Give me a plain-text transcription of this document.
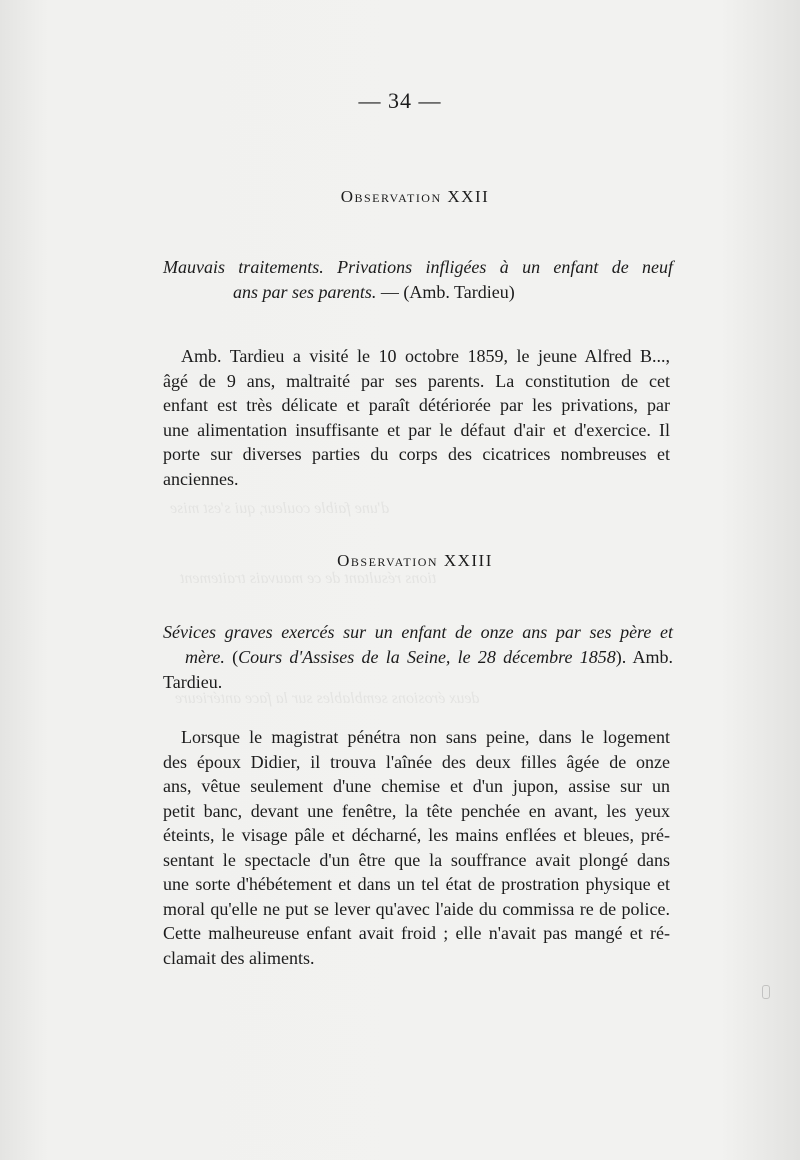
d'une faible couleur, qui s'est mise
tions résultant de ce mauvais traitement
deux érosions semblables sur la face antérieure
— 34 —
Observation XXII
Mauvais traitements. Privations infligées à un enfant de neuf
ans par ses parents. — (Amb. Tardieu)
Amb. Tardieu a visité le 10 octobre 1859, le jeune Alfred B...,
âgé de 9 ans, maltraité par ses parents. La constitution de cet
enfant est très délicate et paraît détériorée par les privations, par
une alimentation insuffisante et par le défaut d'air et d'exercice. Il
porte sur diverses parties du corps des cicatrices nombreuses et
anciennes.
Observation XXIII
Sévices graves exercés sur un enfant de onze ans par ses père et
mère. (Cours d'Assises de la Seine, le 28 décembre 1858). Amb.
Tardieu.
Lorsque le magistrat pénétra non sans peine, dans le logement
des époux Didier, il trouva l'aînée des deux filles âgée de onze
ans, vêtue seulement d'une chemise et d'un jupon, assise sur un
petit banc, devant une fenêtre, la tête penchée en avant, les yeux
éteints, le visage pâle et décharné, les mains enflées et bleues, pré-
sentant le spectacle d'un être que la souffrance avait plongé dans
une sorte d'hébétement et dans un tel état de prostration physique et
moral qu'elle ne put se lever qu'avec l'aide du commissa re de police.
Cette malheureuse enfant avait froid ; elle n'avait pas mangé et ré-
clamait des aliments.
